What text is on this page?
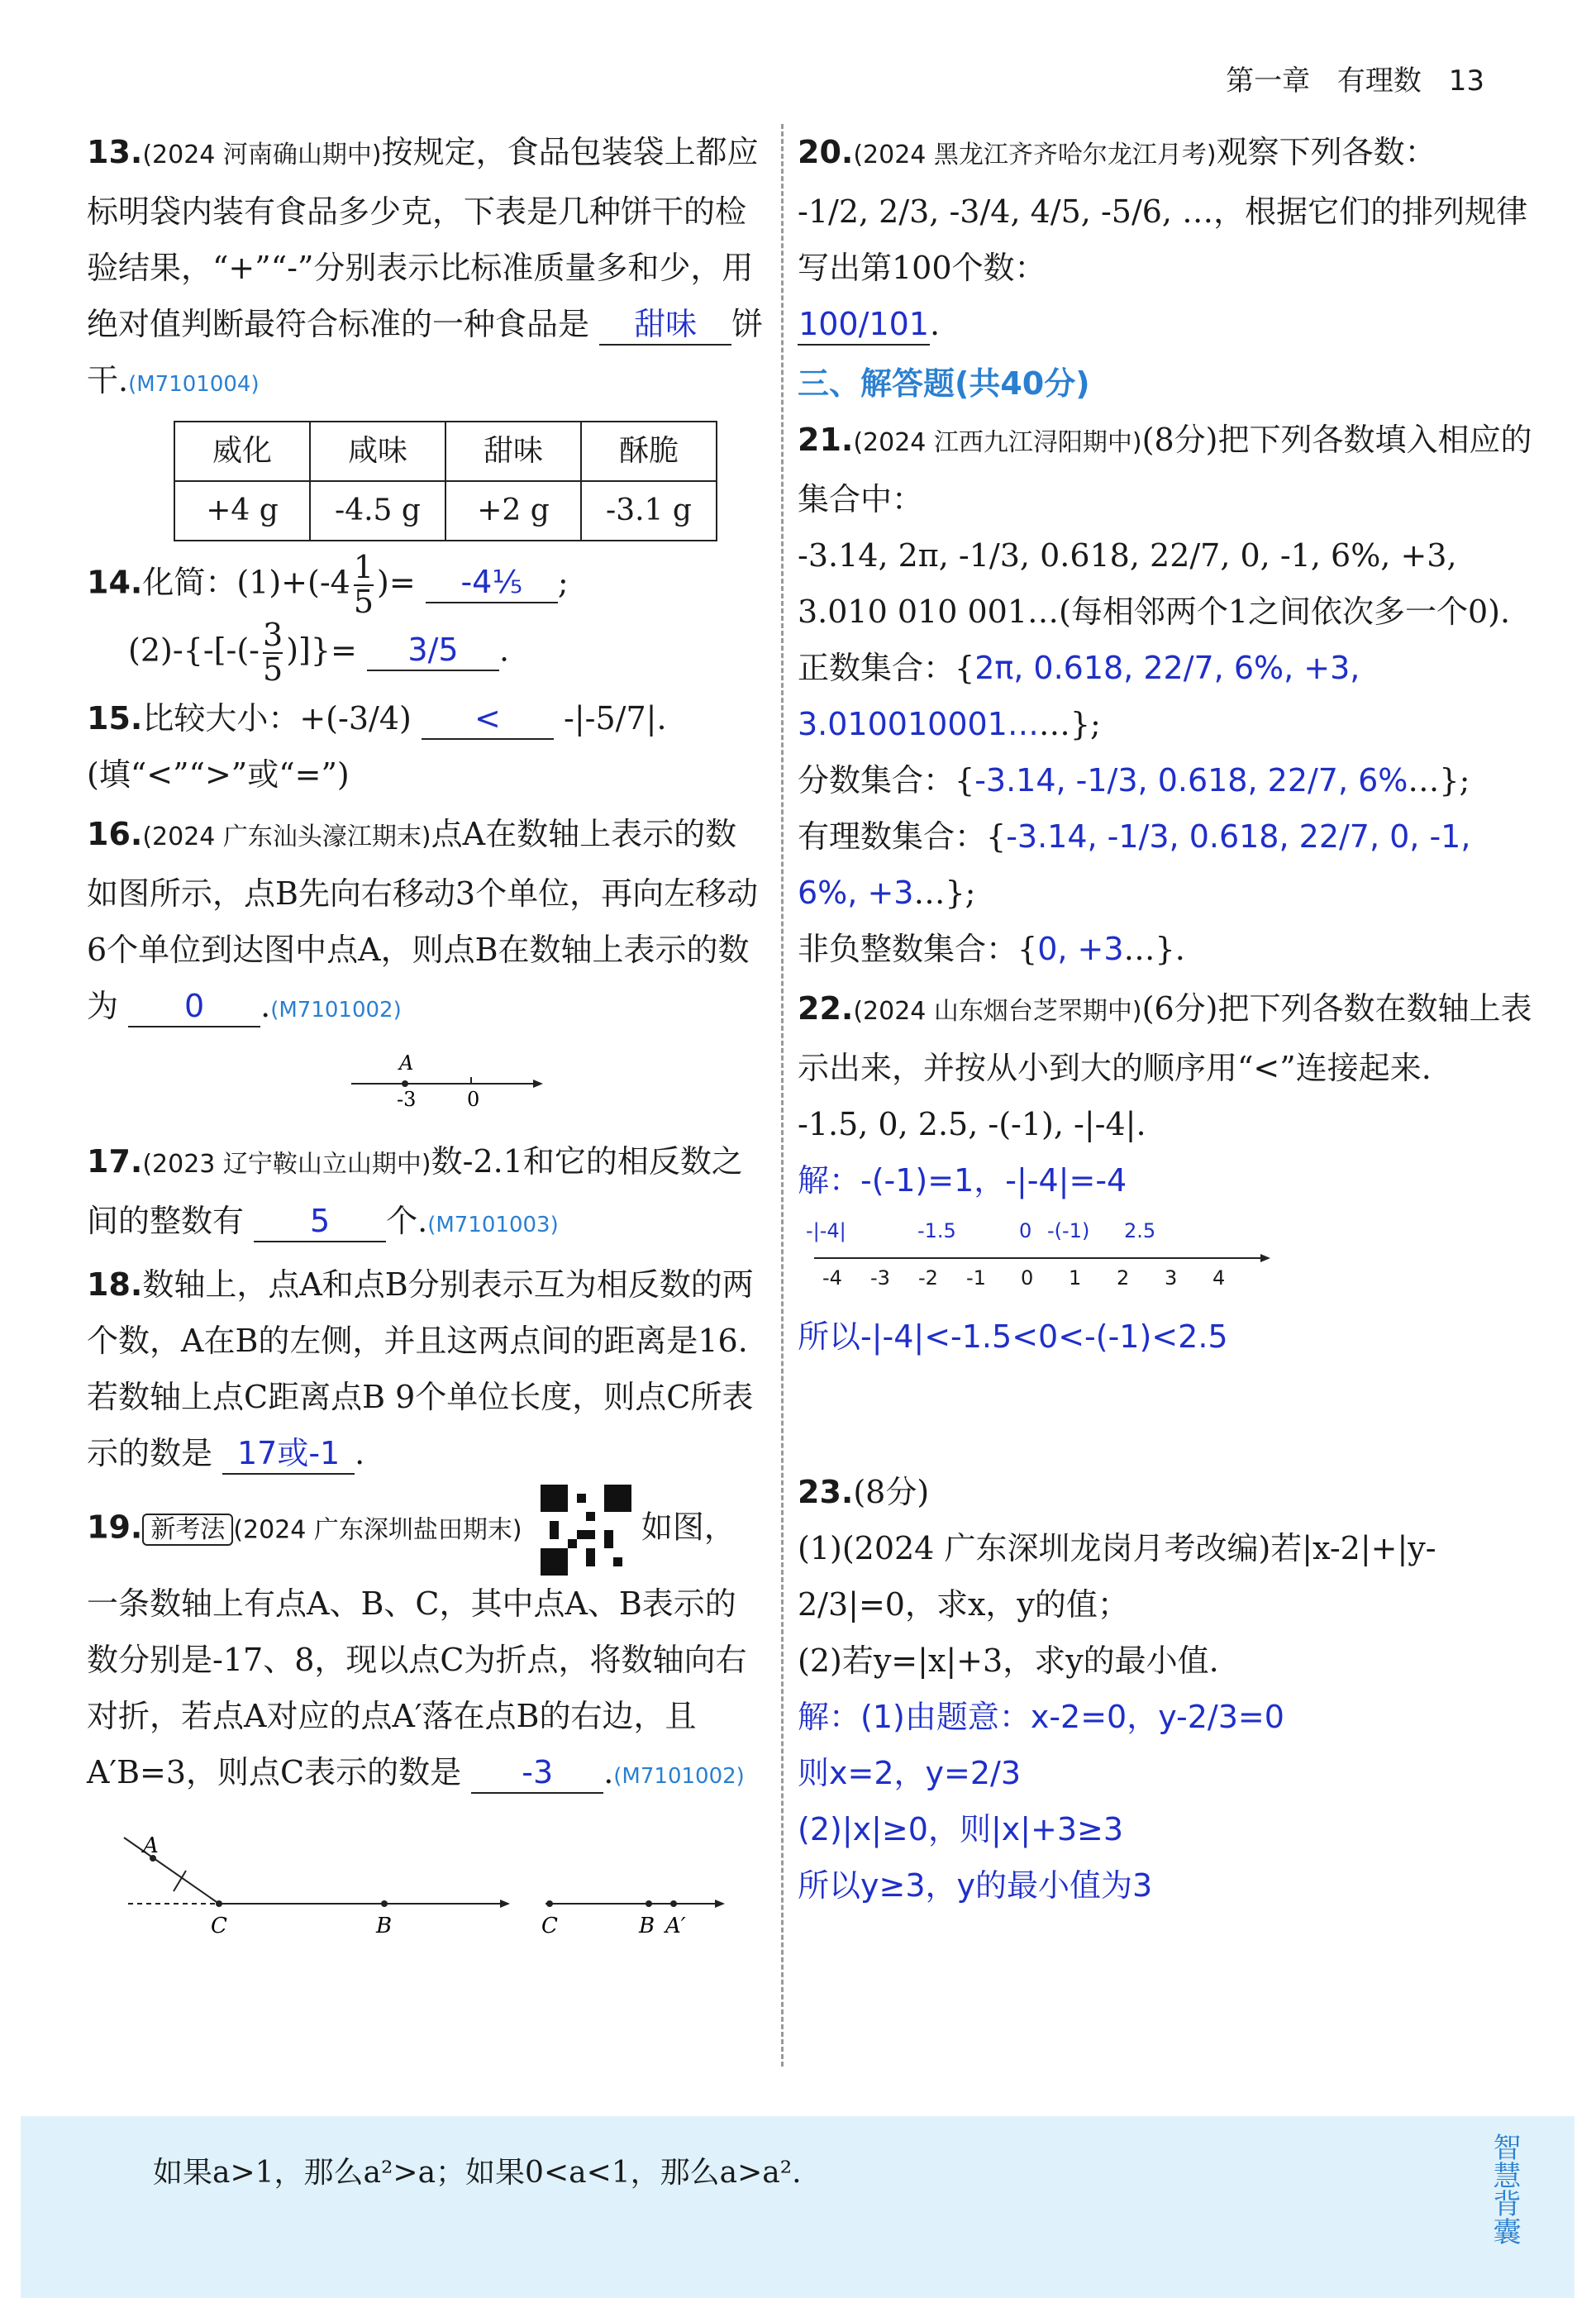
第一章 有理数 13
13.(2024 河南确山期中)按规定，食品包装袋上都应标明袋内装有食品多少克，下表是几种饼干的检验结果，“+”“-”分别表示比标准质量多和少，用绝对值判断最符合标准的一种食品是 甜味 饼干.(M7101004)
威化	咸味	甜味	酥脆
+4 g	-4.5 g	+2 g	-3.1 g
14.化简：$(1)+(-4 \frac{1}{5}$ )= -4⅕ ;
$(2)-\{-[-(- \frac{3}{5}$ )]}= 3/5 .
15.比较大小：+(-3/4) < -|-5/7|.(填“<”“>”或“=”)
16.(2024 广东汕头濠江期末)点A在数轴上表示的数如图所示，点B先向右移动3个单位，再向左移动6个单位到达图中点A，则点B在数轴上表示的数为 0 .(M7101002)
A
-3	0
17.(2023 辽宁鞍山立山期中)数-2.1和它的相反数之间的整数有 5 个.(M7101003)
18.数轴上，点A和点B分别表示互为相反数的两个数，A在B的左侧，并且这两点间的距离是16.若数轴上点C距离点B 9个单位长度，则点C所表示的数是 17或-1 .
19. 新考法 (2024 广东深圳盐田期末)	如图，一条数轴上有点A、B、C，其中点A、B表示的数分别是-17、8，现以点C为折点，将数轴向右对折，若点A对应的点A′落在点B的右边，且A′B=3，则点C表示的数是 -3 .(M7101002)
A
C	B	C	B A′
20.(2024 黑龙江齐齐哈尔龙江月考)观察下列各数：
-1/2, 2/3, -3/4, 4/5, -5/6, …，根据它们的排列规律写出第100个数：
100/101.
三、解答题(共40分)
21.(2024 江西九江浔阳期中)(8分)把下列各数填入相应的集合中：
-3.14, 2π, -1/3, 0.618, 22/7, 0, -1, 6%, +3, 3.010 010 001…(每相邻两个1之间依次多一个0).
正数集合：{2π, 0.618, 22/7, 6%, +3, 3.010010001……};
分数集合：{-3.14, -1/3, 0.618, 22/7, 6%…};
有理数集合：{-3.14, -1/3, 0.618, 22/7, 0, -1, 6%, +3…};
非负整数集合：{0, +3…}.
22.(2024 山东烟台芝罘期中)(6分)把下列各数在数轴上表示出来，并按从小到大的顺序用“<”连接起来.
-1.5, 0, 2.5, -(-1), -|-4|.
解：-(-1)=1，-|-4|=-4
-|-4|	-1.5	0 -(-1) 2.5
-4 -3 -2 -1 0 1 2 3 4
所以-|-4|<-1.5<0<-(-1)<2.5
23.(8分)
(1)(2024 广东深圳龙岗月考改编)若|x-2|+|y-2/3|=0，求x，y的值；
(2)若y=|x|+3，求y的最小值.
解：(1)由题意：x-2=0，y-2/3=0
则x=2，y=2/3
(2)|x|≥0，则|x|+3≥3
所以y≥3，y的最小值为3
如果a>1，那么a²>a；如果0<a<1，那么a>a².	智慧背囊
